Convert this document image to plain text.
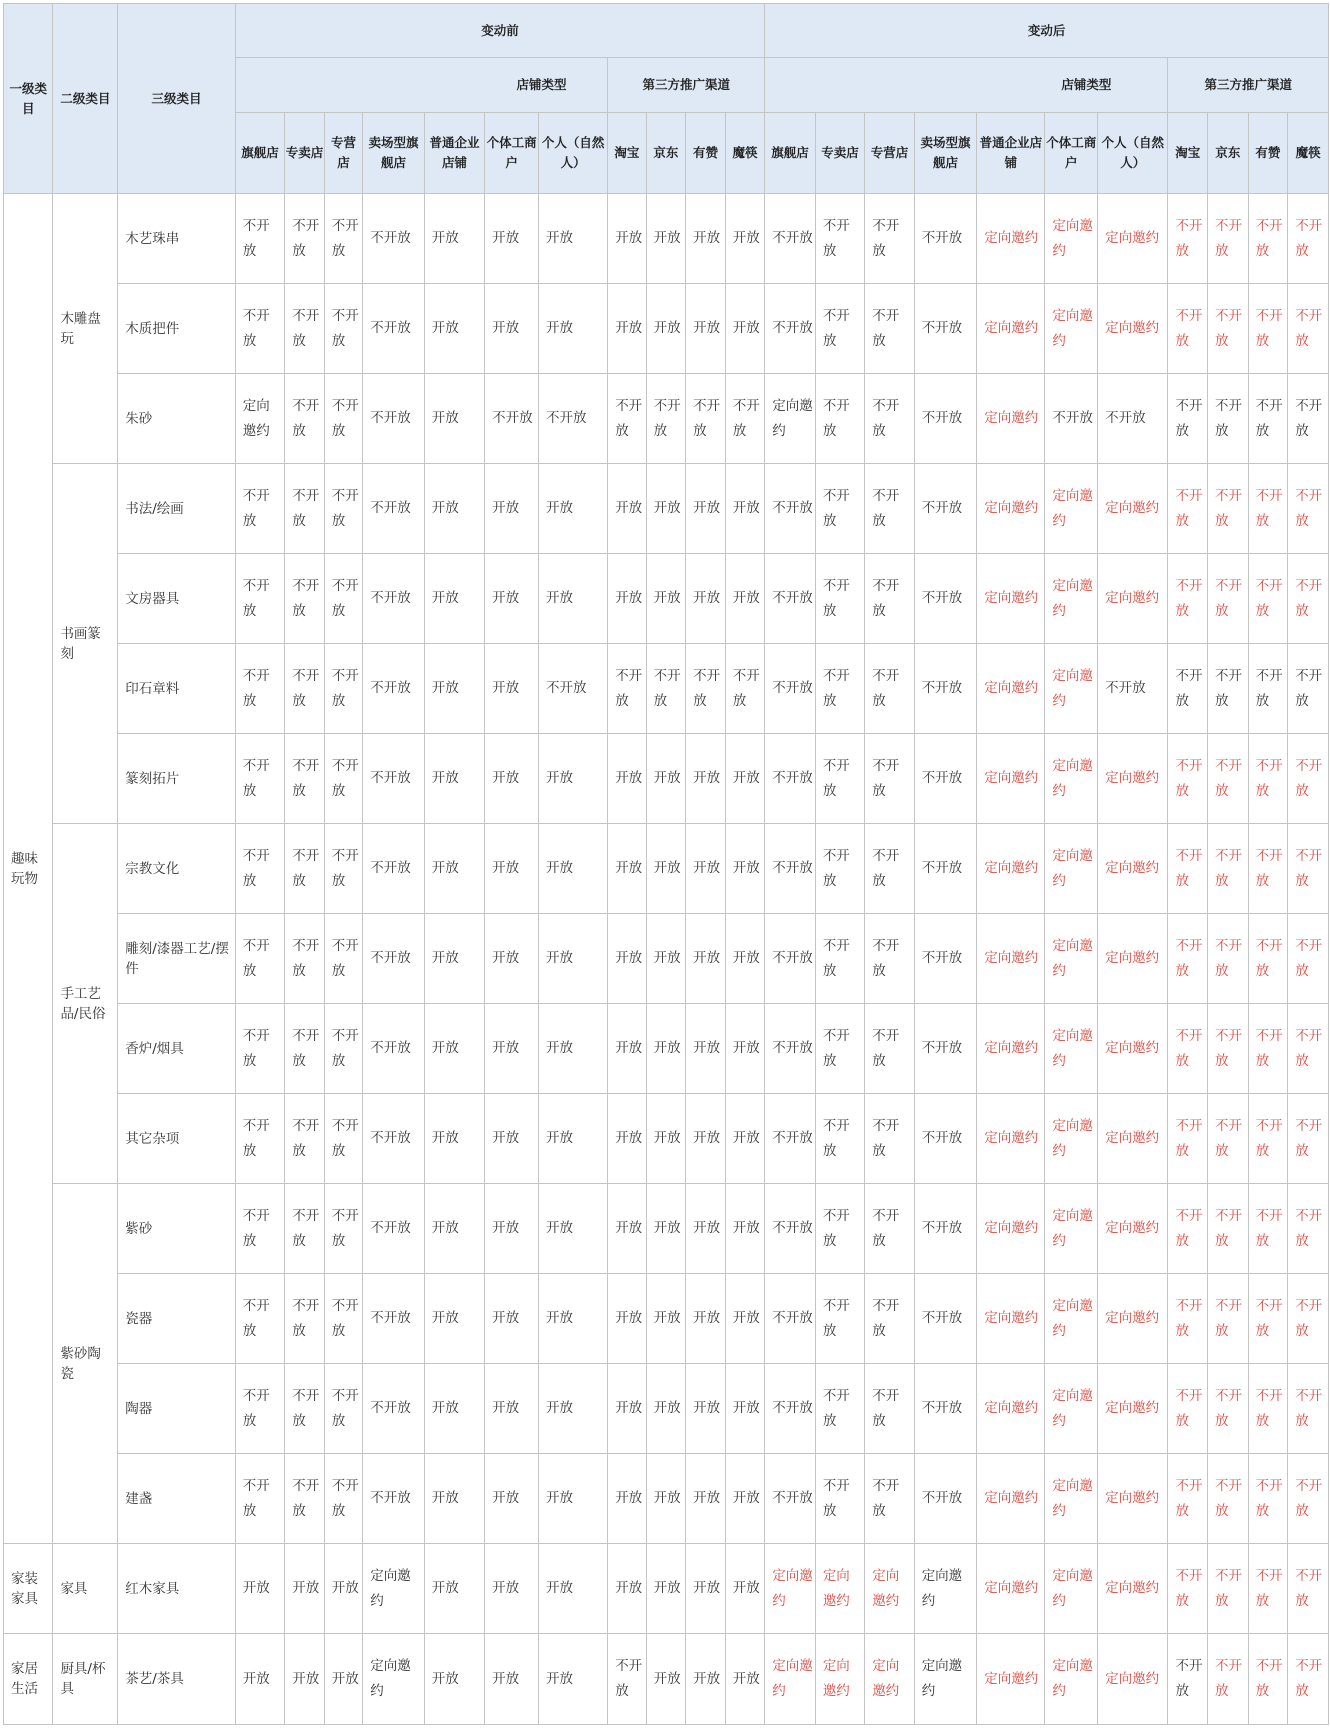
一级类目	二级类目	三级类目	变动前											变动后										
			店铺类型							第三方推广渠道				店铺类型							第三方推广渠道			
			旗舰店	专卖店	专营店	卖场型旗舰店	普通企业店铺	个体工商户	个人（自然人）	淘宝	京东	有赞	魔筷	旗舰店	专卖店	专营店	卖场型旗舰店	普通企业店铺	个体工商户	个人（自然人）	淘宝	京东	有赞	魔筷
趣味玩物	木雕盘玩	木艺珠串	不开放	不开放	不开放	不开放	开放	开放	开放	开放	开放	开放	开放	不开放	不开放	不开放	不开放	定向邀约	定向邀约	定向邀约	不开放	不开放	不开放	不开放
		木质把件	不开放	不开放	不开放	不开放	开放	开放	开放	开放	开放	开放	开放	不开放	不开放	不开放	不开放	定向邀约	定向邀约	定向邀约	不开放	不开放	不开放	不开放
		朱砂	定向邀约	不开放	不开放	不开放	开放	不开放	不开放	不开放	不开放	不开放	不开放	定向邀约	不开放	不开放	不开放	定向邀约	不开放	不开放	不开放	不开放	不开放	不开放
	书画篆刻	书法/绘画	不开放	不开放	不开放	不开放	开放	开放	开放	开放	开放	开放	开放	不开放	不开放	不开放	不开放	定向邀约	定向邀约	定向邀约	不开放	不开放	不开放	不开放
		文房器具	不开放	不开放	不开放	不开放	开放	开放	开放	开放	开放	开放	开放	不开放	不开放	不开放	不开放	定向邀约	定向邀约	定向邀约	不开放	不开放	不开放	不开放
		印石章料	不开放	不开放	不开放	不开放	开放	开放	不开放	不开放	不开放	不开放	不开放	不开放	不开放	不开放	不开放	定向邀约	定向邀约	不开放	不开放	不开放	不开放	不开放
		篆刻拓片	不开放	不开放	不开放	不开放	开放	开放	开放	开放	开放	开放	开放	不开放	不开放	不开放	不开放	定向邀约	定向邀约	定向邀约	不开放	不开放	不开放	不开放
	手工艺品/民俗	宗教文化	不开放	不开放	不开放	不开放	开放	开放	开放	开放	开放	开放	开放	不开放	不开放	不开放	不开放	定向邀约	定向邀约	定向邀约	不开放	不开放	不开放	不开放
		雕刻/漆器工艺/摆件	不开放	不开放	不开放	不开放	开放	开放	开放	开放	开放	开放	开放	不开放	不开放	不开放	不开放	定向邀约	定向邀约	定向邀约	不开放	不开放	不开放	不开放
		香炉/烟具	不开放	不开放	不开放	不开放	开放	开放	开放	开放	开放	开放	开放	不开放	不开放	不开放	不开放	定向邀约	定向邀约	定向邀约	不开放	不开放	不开放	不开放
		其它杂项	不开放	不开放	不开放	不开放	开放	开放	开放	开放	开放	开放	开放	不开放	不开放	不开放	不开放	定向邀约	定向邀约	定向邀约	不开放	不开放	不开放	不开放
	紫砂陶瓷	紫砂	不开放	不开放	不开放	不开放	开放	开放	开放	开放	开放	开放	开放	不开放	不开放	不开放	不开放	定向邀约	定向邀约	定向邀约	不开放	不开放	不开放	不开放
		瓷器	不开放	不开放	不开放	不开放	开放	开放	开放	开放	开放	开放	开放	不开放	不开放	不开放	不开放	定向邀约	定向邀约	定向邀约	不开放	不开放	不开放	不开放
		陶器	不开放	不开放	不开放	不开放	开放	开放	开放	开放	开放	开放	开放	不开放	不开放	不开放	不开放	定向邀约	定向邀约	定向邀约	不开放	不开放	不开放	不开放
		建盏	不开放	不开放	不开放	不开放	开放	开放	开放	开放	开放	开放	开放	不开放	不开放	不开放	不开放	定向邀约	定向邀约	定向邀约	不开放	不开放	不开放	不开放
家装家具	家具	红木家具	开放	开放	开放	定向邀约	开放	开放	开放	开放	开放	开放	开放	定向邀约	定向邀约	定向邀约	定向邀约	定向邀约	定向邀约	定向邀约	不开放	不开放	不开放	不开放
家居生活	厨具/杯具	茶艺/茶具	开放	开放	开放	定向邀约	开放	开放	开放	不开放	开放	开放	开放	定向邀约	定向邀约	定向邀约	定向邀约	定向邀约	定向邀约	定向邀约	不开放	不开放	不开放	不开放
